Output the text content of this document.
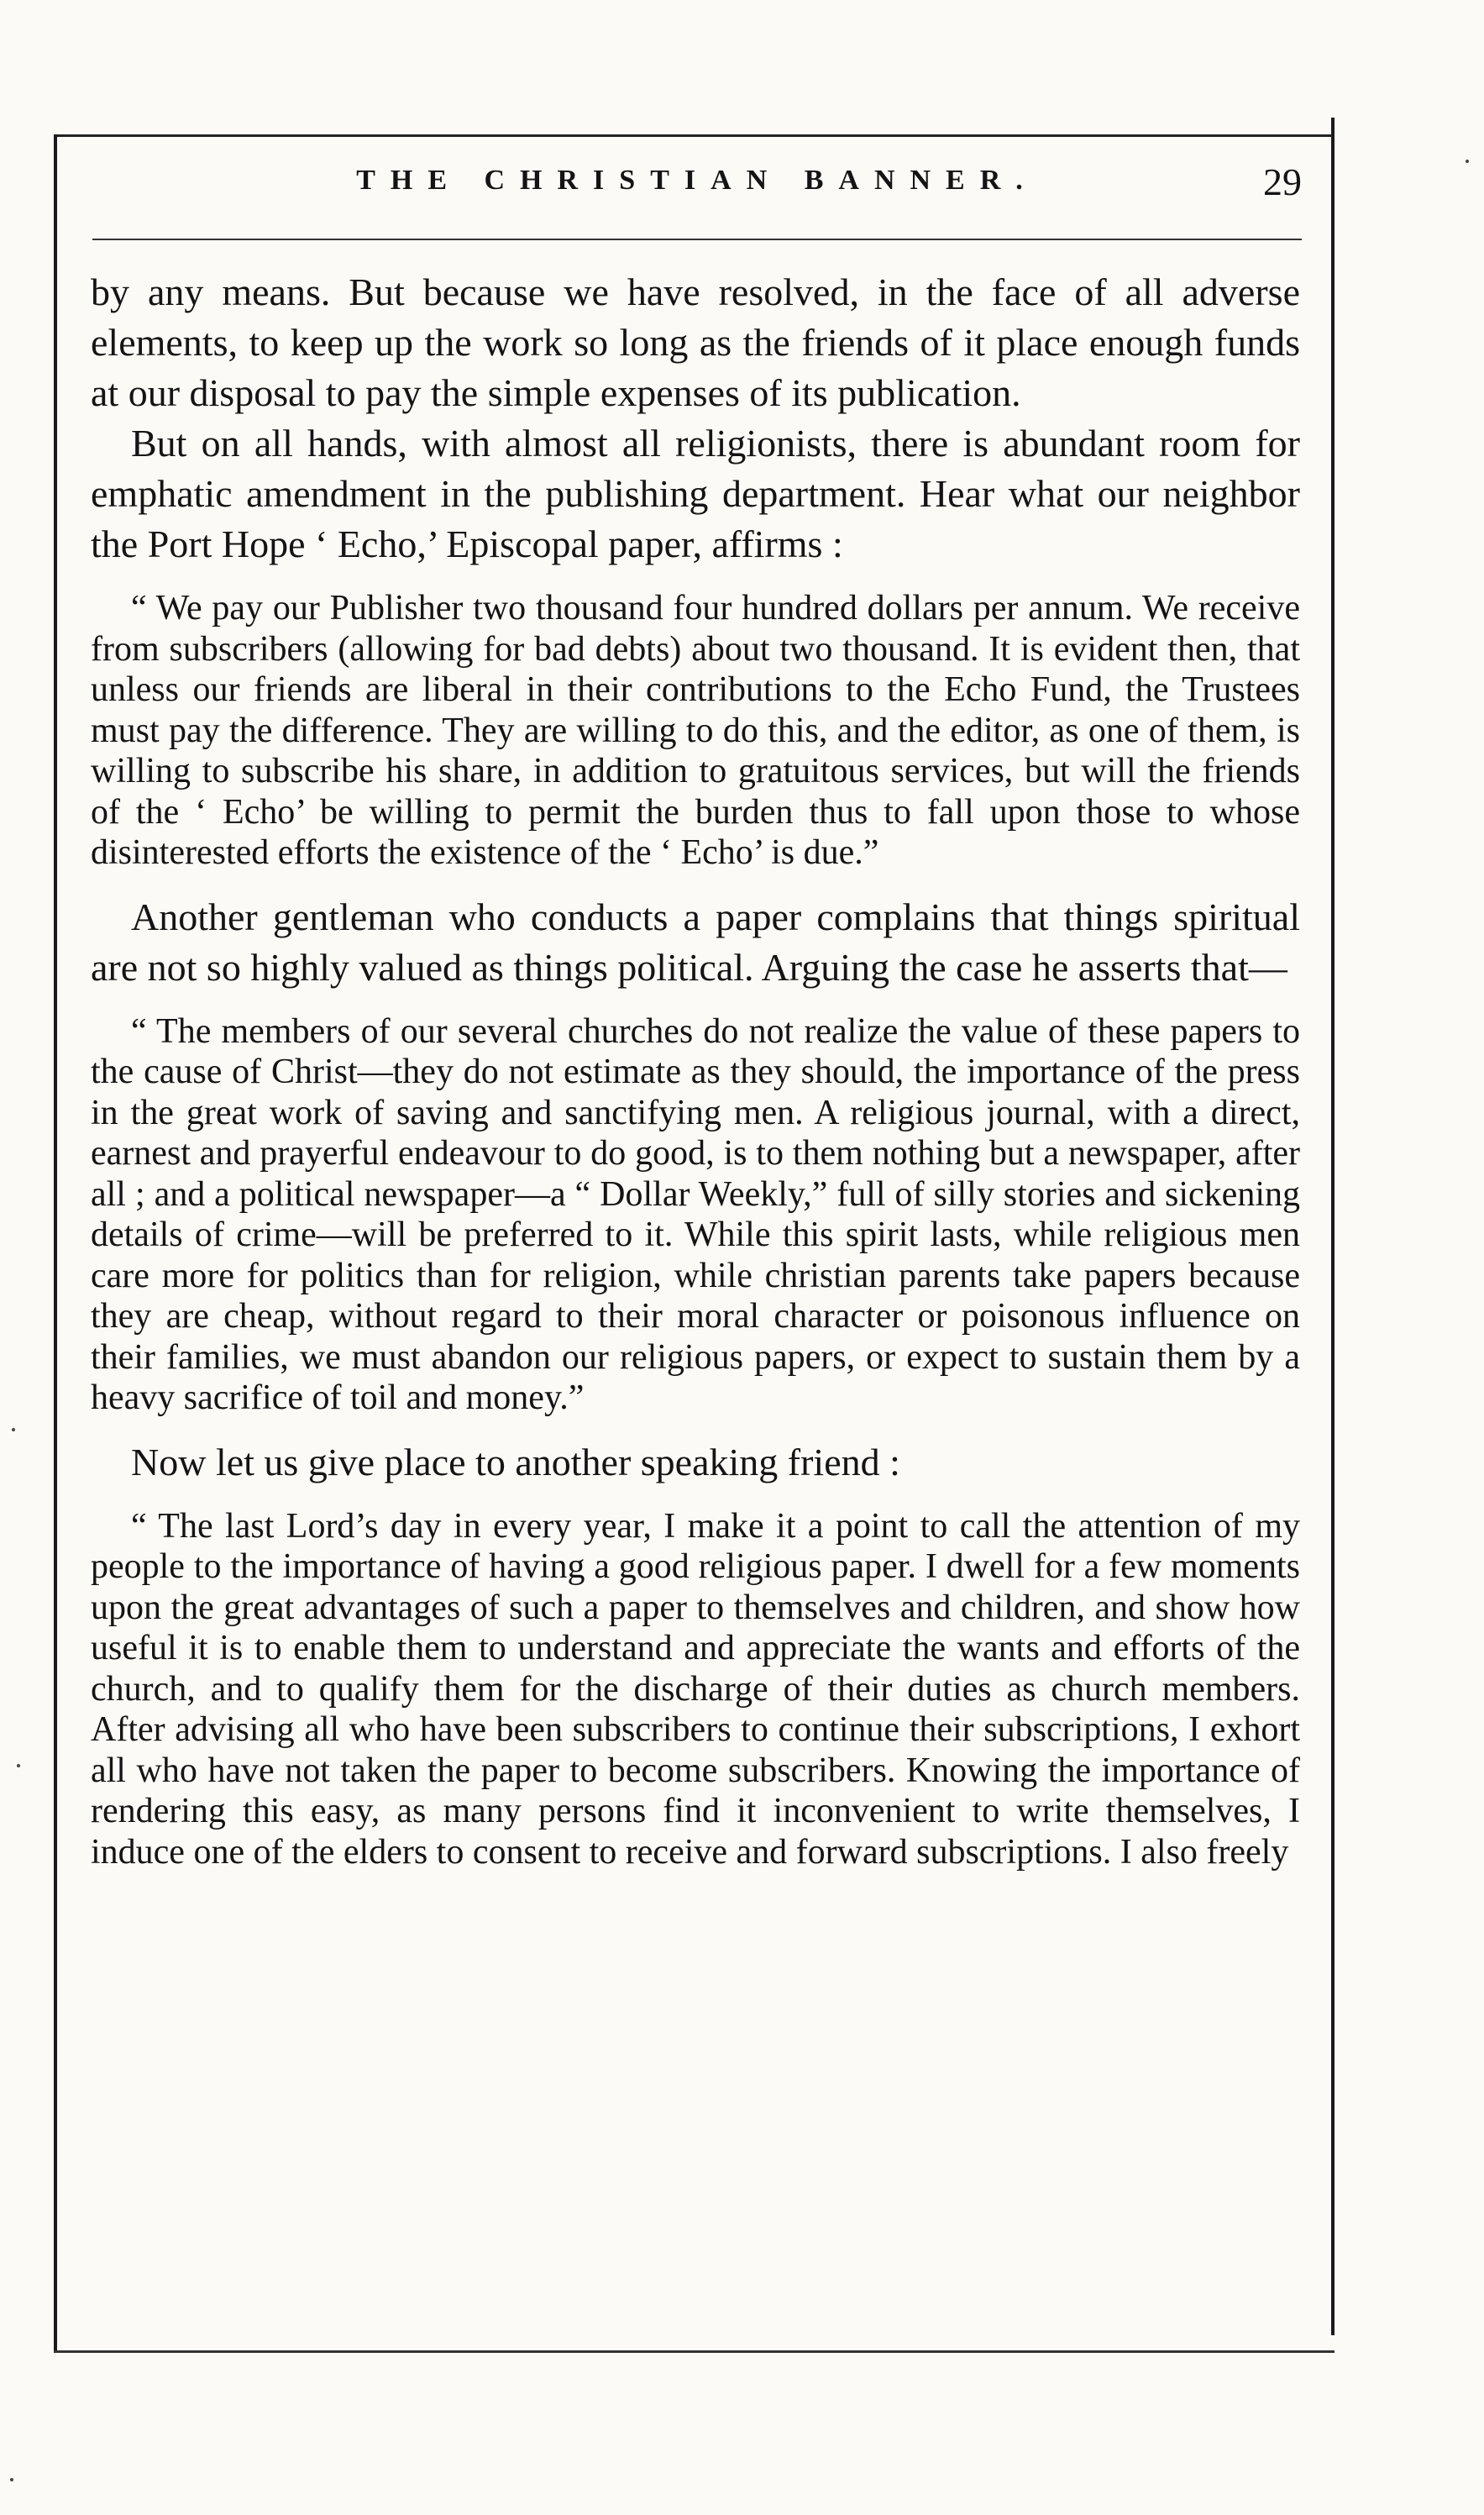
THE CHRISTIAN BANNER.	29

by any means. But because we have resolved, in the face of all adverse elements, to keep up the work so long as the friends of it place enough funds at our disposal to pay the simple expenses of its publication.

But on all hands, with almost all religionists, there is abundant room for emphatic amendment in the publishing department. Hear what our neighbor the Port Hope ‘ Echo,’ Episcopal paper, affirms :

“ We pay our Publisher two thousand four hundred dollars per annum. We receive from subscribers (allowing for bad debts) about two thousand. It is evident then, that unless our friends are liberal in their contributions to the Echo Fund, the Trustees must pay the difference. They are willing to do this, and the editor, as one of them, is willing to subscribe his share, in addition to gratuitous services, but will the friends of the ‘ Echo’ be willing to permit the burden thus to fall upon those to whose disinterested efforts the existence of the ‘ Echo’ is due.”

Another gentleman who conducts a paper complains that things spiritual are not so highly valued as things political. Arguing the case he asserts that—

“ The members of our several churches do not realize the value of these papers to the cause of Christ—they do not estimate as they should, the importance of the press in the great work of saving and sanctifying men. A religious journal, with a direct, earnest and prayerful endeavour to do good, is to them nothing but a newspaper, after all ; and a political newspaper—a “ Dollar Weekly,” full of silly stories and sickening details of crime—will be preferred to it. While this spirit lasts, while religious men care more for politics than for religion, while christian parents take papers because they are cheap, without regard to their moral character or poisonous influence on their families, we must abandon our religious papers, or expect to sustain them by a heavy sacrifice of toil and money.”

Now let us give place to another speaking friend :

“ The last Lord’s day in every year, I make it a point to call the attention of my people to the importance of having a good religious paper. I dwell for a few moments upon the great advantages of such a paper to themselves and children, and show how useful it is to enable them to understand and appreciate the wants and efforts of the church, and to qualify them for the discharge of their duties as church members. After advising all who have been subscribers to continue their subscriptions, I exhort all who have not taken the paper to become subscribers. Knowing the importance of rendering this easy, as many persons find it inconvenient to write themselves, I induce one of the elders to consent to receive and forward subscriptions. I also freely
